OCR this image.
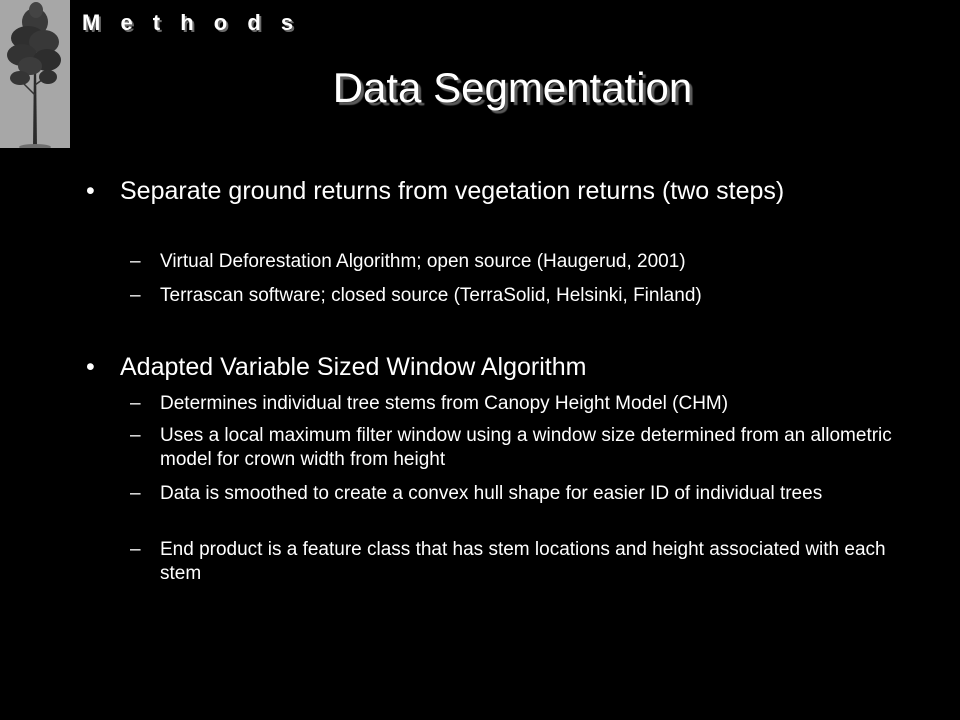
M e t h o d s
Data Segmentation
• Separate ground returns from vegetation returns (two steps)
– Virtual Deforestation Algorithm; open source (Haugerud, 2001)
– Terrascan software; closed source (TerraSolid, Helsinki, Finland)
• Adapted Variable Sized Window Algorithm
– Determines individual tree stems from Canopy Height Model (CHM)
– Uses a local maximum filter window using a window size determined from an allometric model for crown width from height
– Data is smoothed to create a convex hull shape for easier ID of individual trees
– End product is a feature class that has stem locations and height associated with each stem
